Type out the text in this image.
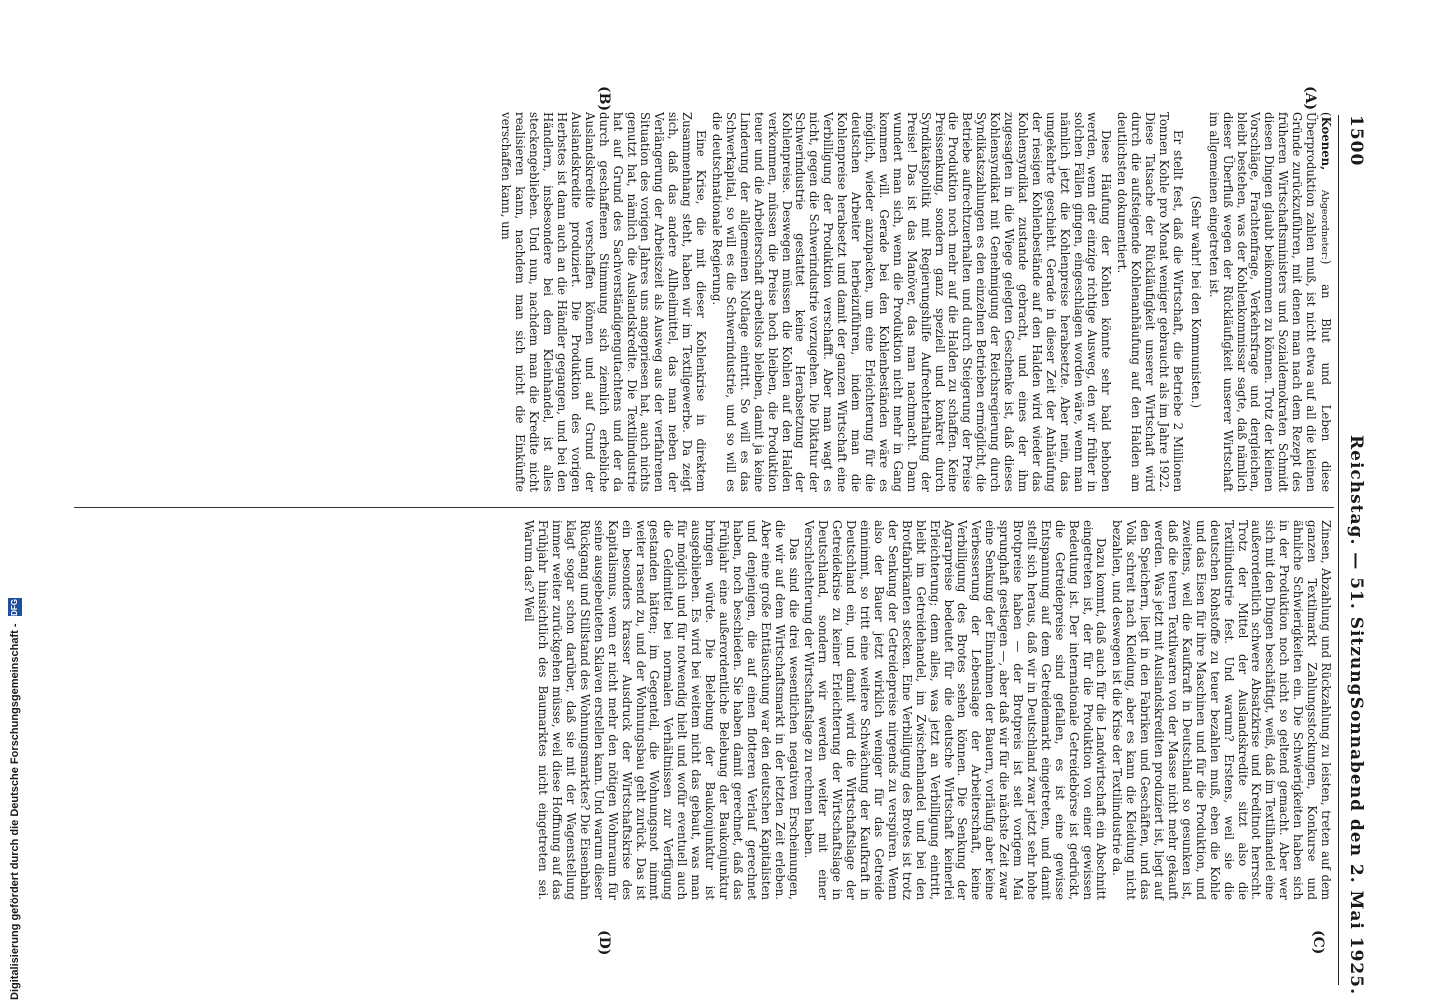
1500
Reichstag. — 51. Sitzung.
Sonnabend den 2. Mai 1925.
(A)
(B)
(C)
(D)

(Koenen, Abgeordneter:) an Blut und Leben diese Überproduktion zahlen muß, ist nicht etwa auf all die kleinen Gründe zurückzuführen, mit denen man nach dem Rezept des früheren Wirtschaftsministers und Sozialdemokraten Schmidt diesen Dingen glaubt beikommen zu können. Trotz der kleinen Vorschläge, Frachtenfrage, Verkehrsfrage und dergleichen, bleibt bestehen, was der Kohlenkommissar sagte, daß nämlich dieser Überfluß wegen der Rückläufigkeit unserer Wirtschaft im allgemeinen eingetreten ist.

(Sehr wahr! bei den Kommunisten.)

Er stellt fest, daß die Wirtschaft, die Betriebe 2 Millionen Tonnen Kohle pro Monat weniger gebraucht als im Jahre 1922. Diese Tatsache der Rückläufigkeit unserer Wirtschaft wird durch die aufsteigende Kohlenanhäufung auf den Halden am deutlichsten dokumentiert.

Diese Häufung der Kohlen könnte sehr bald behoben werden, wenn der einzige richtige Ausweg, den wir früher in solchen Fällen gingen, eingeschlagen worden wäre, wenn man nämlich jetzt die Kohlenpreise herabsetzte. Aber nein, das umgekehrte geschieht. Gerade in dieser Zeit der Anhäufung der riesigen Kohlenbestände auf den Halden wird wieder das Kohlensyndikat zustande gebracht, und eines der ihm zugesagten in die Wiege gelegten Geschenke ist, daß dieses Kohlensyndikat mit Genehmigung der Reichsregierung durch Syndikatszahlungen es den einzelnen Betrieben ermöglicht, die Betriebe aufrechtzuerhalten und durch Steigerung der Preise die Produktion noch mehr auf die Halden zu schaffen. Keine Preissenkung, sondern ganz speziell und konkret durch Syndikatspolitik mit Regierungshilfe Aufrechterhaltung der Preise! Das ist das Manöver, das man nachmacht. Dann wundert man sich, wenn die Produktion nicht mehr in Gang kommen will. Gerade bei den Kohlenbeständen wäre es möglich, wieder anzupacken, um eine Erleichterung für die deutschen Arbeiter herbeizuführen, indem man die Kohlenpreise herabsetzt und damit der ganzen Wirtschaft eine Verbilligung der Produktion verschafft. Aber man wagt es nicht, gegen die Schwerindustrie vorzugehen. Die Diktatur der Schwerindustrie gestattet keine Herabsetzung der Kohlenpreise. Deswegen müssen die Kohlen auf den Halden verkommen, müssen die Preise hoch bleiben, die Produktion teuer und die Arbeiterschaft arbeitslos bleiben, damit ja keine Linderung der allgemeinen Notlage eintritt. So will es das Schwerkapital, so will es die Schwerindustrie, und so will es die deutschnationale Regierung.

Eine Krise, die mit dieser Kohlenkrise in direktem Zusammenhang steht, haben wir im Textilgewerbe. Da zeigt sich, daß das andere Allheilmittel, das man neben der Verlängerung der Arbeitszeit als Ausweg aus der verfahrenen Situation des vorigen Jahres uns angepriesen hat, auch nichts genutzt hat, nämlich die Auslandskredite. Die Textilindustrie hat auf Grund des Sachverständigengutachtens und der da durch geschaffenen Stimmung sich ziemlich erhebliche Auslandskredite verschaffen können und auf Grund der Auslandskredite produziert. Die Produktion des vorigen Herbstes ist dann auch an die Händler gegangen, und bei den Händlern, insbesondere bei dem Kleinhandel, ist alles steckengeblieben. Und nun, nachdem man die Kredite nicht realisieren kann, nachdem man sich nicht die Einkünfte verschaffen kann, um

Zinsen, Abzahlung und Rückzahlung zu leisten, treten auf dem ganzen Textilmarkt Zahlungsstockungen, Konkurse und ähnliche Schwierigkeiten ein. Die Schwierigkeiten haben sich in der Produktion noch nicht so geltend gemacht. Aber wer sich mit den Dingen beschäftigt, weiß, daß im Textilhandel eine außerordentlich schwere Absatzkrise und Kreditnot herrscht. Trotz der Mittel der Auslandskredite sitzt also die Textilindustrie fest. Und warum? Erstens, weil sie die deutschen Rohstoffe zu teuer bezahlen muß, eben die Kohle und das Eisen für ihre Maschinen und für die Produktion, und zweitens, weil die Kaufkraft in Deutschland so gesunken ist, daß die teuren Textilwaren von der Masse nicht mehr gekauft werden. Was jetzt mit Auslandskrediten produziert ist, liegt auf den Speichern, liegt in den Fabriken und Geschäften, und das Volk schreit nach Kleidung, aber es kann die Kleidung nicht bezahlen, und deswegen ist die Krise der Textilindustrie da.

Dazu kommt, daß auch für die Landwirtschaft ein Abschnitt eingetreten ist, der für die Produktion von einer gewissen Bedeutung ist. Der internationale Getreidebörse ist gedrückt, die Getreidepreise sind gefallen, es ist eine gewisse Entspannung auf dem Getreidemarkt eingetreten, und damit stellt sich heraus, daß wir in Deutschland zwar jetzt sehr hohe Brotpreise haben — der Brotpreis ist seit vorigem Mai sprunghaft gestiegen —, aber daß wir für die nächste Zeit zwar eine Senkung der Einnahmen der Bauern, vorläufig aber keine Verbesserung der Lebenslage der Arbeiterschaft, keine Verbilligung des Brotes sehen können. Die Senkung der Agrarpreise bedeutet für die deutsche Wirtschaft keinerlei Erleichterung; denn alles, was jetzt an Verbilligung eintritt, bleibt im Getreidehandel, im Zwischenhandel und bei den Brotfabrikanten stecken. Eine Verbilligung des Brotes ist trotz der Senkung der Getreidepreise nirgends zu verspüren. Wenn also der Bauer jetzt wirklich weniger für das Getreide einnimmt, so tritt eine weitere Schwächung der Kaufkraft in Deutschland ein, und damit wird die Wirtschaftslage der Getreidekrise zu keiner Erleichterung der Wirtschaftslage in Deutschland, sondern wir werden weiter mit einer Verschlechterung der Wirtschaftslage zu rechnen haben.

Das sind die drei wesentlichen negativen Erscheinungen, die wir auf dem Wirtschaftsmarkt in der letzten Zeit erleben. Aber eine große Enttäuschung war den deutschen Kapitalisten und denjenigen, die auf einen flotteren Verlauf gerechnet haben, noch beschieden. Sie haben damit gerechnet, daß das Frühjahr eine außerordentliche Belebung der Baukonjunktur bringen würde. Die Belebung der Baukonjunktur ist ausgeblieben. Es wird bei weitem nicht das gebaut, was man für möglich und für notwendig hielt und wofür eventuell auch die Geldmittel bei normalen Verhältnissen zur Verfügung gestanden hätten; im Gegenteil, die Wohnungsnot nimmt weiter rasend zu, und der Wohnungsbau geht zurück. Das ist ein besonders krasser Ausdruck der Wirtschaftskrise des Kapitalismus, wenn er nicht mehr den nötigen Wohnraum für seine ausgebeuteten Sklaven erstellen kann. Und warum dieser Rückgang und Stillstand des Wohnungsmarktes? Die Eisenbahn klagt sogar schon darüber, daß sie mit der Wagenstellung immer weiter zurückgehen müsse, weil diese Hoffnung auf das Frühjahr hinsichtlich des Baumarktes nicht eingetreten sei. Warum das? Weil

Digitalisierung gefördert durch die Deutsche Forschungsgemeinschaft - DFG
